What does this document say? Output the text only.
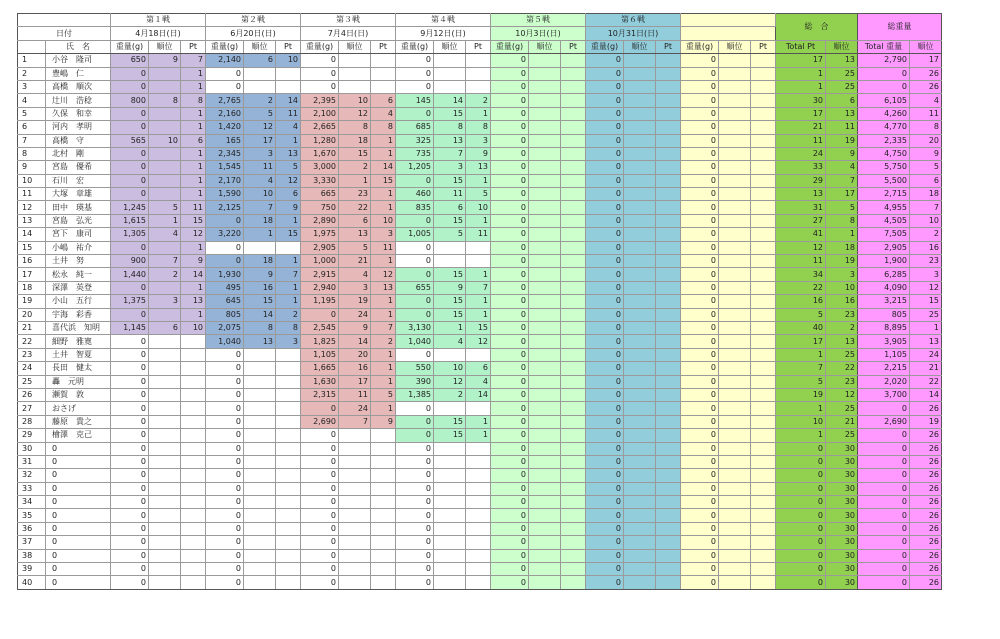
		第１戦			第２戦			第３戦			第４戦			第５戦			第６戦						総　合		総重量	
日付		4月18日(日)			6月20日(日)			7月4日(日)			9月12日(日)			10月3日(日)			10月31日(日)									
	氏　名	重量(g)	順位	Pt	重量(g)	順位	Pt	重量(g)	順位	Pt	重量(g)	順位	Pt	重量(g)	順位	Pt	重量(g)	順位	Pt	重量(g)	順位	Pt	Total Pt	順位	Total 重量	順位
1	小谷　隆司	650	9	7	2,140	6	10	0			0			0			0			0			17	13	2,790	17
2	豊嶋　仁	0		1	0			0			0			0			0			0			1	25	0	26
3	高橋　順次	0		1	0			0			0			0			0			0			1	25	0	26
4	辻川　浩稔	800	8	8	2,765	2	14	2,395	10	6	145	14	2	0			0			0			30	6	6,105	4
5	久保　和幸	0		1	2,160	5	11	2,100	12	4	0	15	1	0			0			0			17	13	4,260	11
6	河内　孝明	0		1	1,420	12	4	2,665	8	8	685	8	8	0			0			0			21	11	4,770	8
7	高橋　守	565	10	6	165	17	1	1,280	18	1	325	13	3	0			0			0			11	19	2,335	20
8	北村　剛	0		1	2,345	3	13	1,670	15	1	735	7	9	0			0			0			24	9	4,750	9
9	宮島　優希	0		1	1,545	11	5	3,000	2	14	1,205	3	13	0			0			0			33	4	5,750	5
10	石川　宏	0		1	2,170	4	12	3,330	1	15	0	15	1	0			0			0			29	7	5,500	6
11	大塚　章雄	0		1	1,590	10	6	665	23	1	460	11	5	0			0			0			13	17	2,715	18
12	田中　瑛基	1,245	5	11	2,125	7	9	750	22	1	835	6	10	0			0			0			31	5	4,955	7
13	宮島　弘光	1,615	1	15	0	18	1	2,890	6	10	0	15	1	0			0			0			27	8	4,505	10
14	宮下　康司	1,305	4	12	3,220	1	15	1,975	13	3	1,005	5	11	0			0			0			41	1	7,505	2
15	小嶋　祐介	0		1	0			2,905	5	11	0			0			0			0			12	18	2,905	16
16	土井　努	900	7	9	0	18	1	1,000	21	1	0			0			0			0			11	19	1,900	23
17	松永　純一	1,440	2	14	1,930	9	7	2,915	4	12	0	15	1	0			0			0			34	3	6,285	3
18	深澤　英登	0		1	495	16	1	2,940	3	13	655	9	7	0			0			0			22	10	4,090	12
19	小山　五行	1,375	3	13	645	15	1	1,195	19	1	0	15	1	0			0			0			16	16	3,215	15
20	宇海　彩香	0		1	805	14	2	0	24	1	0	15	1	0			0			0			5	23	805	25
21	喜代浜　知明	1,145	6	10	2,075	8	8	2,545	9	7	3,130	1	15	0			0			0			40	2	8,895	1
22	細野　雅寛	0			1,040	13	3	1,825	14	2	1,040	4	12	0			0			0			17	13	3,905	13
23	土井　智夏	0			0			1,105	20	1	0			0			0			0			1	25	1,105	24
24	長田　健太	0			0			1,665	16	1	550	10	6	0			0			0			7	22	2,215	21
25	轟　元明	0			0			1,630	17	1	390	12	4	0			0			0			5	23	2,020	22
26	瀬賀　敦	0			0			2,315	11	5	1,385	2	14	0			0			0			19	12	3,700	14
27	おさげ	0			0			0	24	1	0			0			0			0			1	25	0	26
28	藤原　貴之	0			0			2,690	7	9	0	15	1	0			0			0			10	21	2,690	19
29	檜澤　克己	0			0			0			0	15	1	0			0			0			1	25	0	26
30	0	0			0			0			0			0			0			0			0	30	0	26
31	0	0			0			0			0			0			0			0			0	30	0	26
32	0	0			0			0			0			0			0			0			0	30	0	26
33	0	0			0			0			0			0			0			0			0	30	0	26
34	0	0			0			0			0			0			0			0			0	30	0	26
35	0	0			0			0			0			0			0			0			0	30	0	26
36	0	0			0			0			0			0			0			0			0	30	0	26
37	0	0			0			0			0			0			0			0			0	30	0	26
38	0	0			0			0			0			0			0			0			0	30	0	26
39	0	0			0			0			0			0			0			0			0	30	0	26
40	0	0			0			0			0			0			0			0			0	30	0	26
